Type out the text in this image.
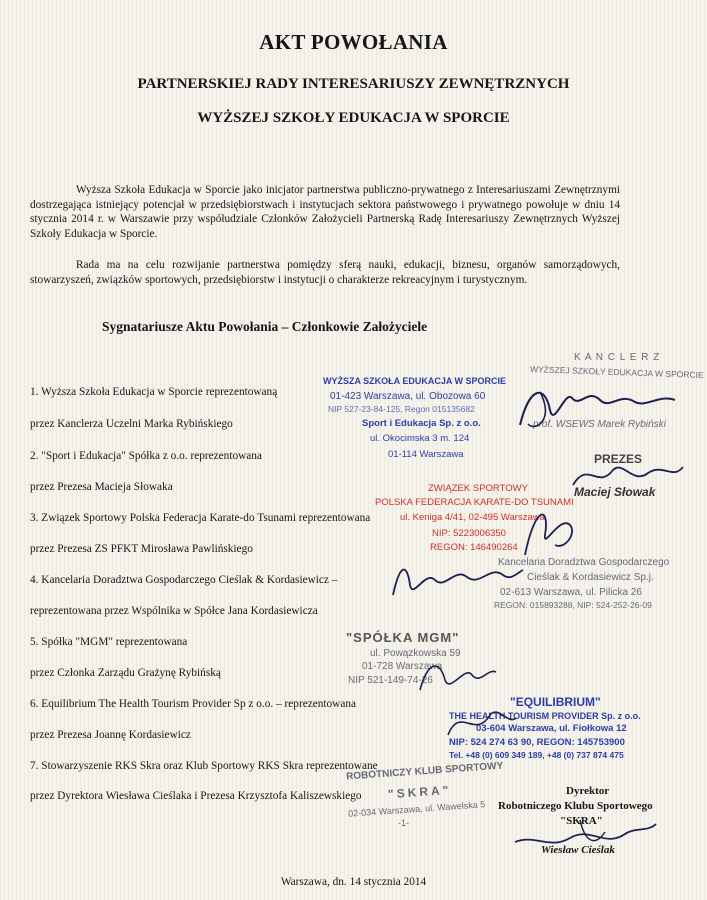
AKT POWOŁANIA
PARTNERSKIEJ RADY INTERESARIUSZY ZEWNĘTRZNYCH
WYŻSZEJ SZKOŁY EDUKACJA W SPORCIE

Wyższa Szkoła Edukacja w Sporcie jako inicjator partnerstwa publiczno-prywatnego z Interesariuszami Zewnętrznymi dostrzegająca istniejący potencjał w przedsiębiorstwach i instytucjach sektora państwowego i prywatnego powołuje w dniu 14 stycznia 2014 r. w Warszawie przy współudziale Członków Założycieli Partnerską Radę Interesariuszy Zewnętrznych Wyższej Szkoły Edukacja w Sporcie.

Rada ma na celu rozwijanie partnerstwa pomiędzy sferą nauki, edukacji, biznesu, organów samorządowych, stowarzyszeń, związków sportowych, przedsiębiorstw i instytucji o charakterze rekreacyjnym i turystycznym.

Sygnatariusze Aktu Powołania – Członkowie Założyciele
1. Wyższa Szkoła Edukacja w Sporcie reprezentowaną
przez Kanclerza Uczelni Marka Rybińskiego
2. "Sport i Edukacja" Spółka z o.o. reprezentowana
przez Prezesa Macieja Słowaka
3. Związek Sportowy Polska Federacja Karate-do Tsunami reprezentowana
przez Prezesa ZS PFKT Mirosława Pawlińskiego
4. Kancelaria Doradztwa Gospodarczego Cieślak & Kordasiewicz –
reprezentowana przez Wspólnika w Spółce Jana Kordasiewicza
5. Spółka "MGM" reprezentowana
przez Członka Zarządu Grażynę Rybińską
6. Equilibrium The Health Tourism Provider Sp z o.o. – reprezentowana
przez Prezesa Joannę Kordasiewicz
7. Stowarzyszenie RKS Skra oraz Klub Sportowy RKS Skra reprezentowane
przez Dyrektora Wiesława Cieślaka i Prezesa Krzysztofa Kaliszewskiego
K A N C L E R Z
WYŻSZEJ SZKOŁY EDUKACJA W SPORCIE
prof. WSEWS Marek Rybiński
WYŻSZA SZKOŁA EDUKACJA W SPORCIE
01-423 Warszawa, ul. Obozowa 60
NIP 527-23-84-125, Regon 015135682
Sport i Edukacja Sp. z o.o.
ul. Okocimska 3 m. 124
01-114 Warszawa	PREZES
Maciej Słowak
ZWIĄZEK SPORTOWY
POLSKA FEDERACJA KARATE-DO TSUNAMI
ul. Keniga 4/41, 02-495 Warszawa
NIP: 5223006350
REGON: 146490264
Kancelaria Doradztwa Gospodarczego
Cieślak & Kordasiewicz Sp.j.
02-613 Warszawa, ul. Pilicka 26
REGON: 015893288, NIP: 524-252-26-09
"SPÓŁKA MGM"
ul. Powązkowska 59
01-728 Warszawa
NIP 521-149-74-26
"EQUILIBRIUM"
THE HEALTH TOURISM PROVIDER Sp. z o.o.
03-604 Warszawa, ul. Fiołkowa 12
NIP: 524 274 63 90, REGON: 145753900
Tel. +48 (0) 609 349 189, +48 (0) 737 874 475
ROBOTNICZY KLUB SPORTOWY
"SKRA"
02-034 Warszawa, ul. Wawelska 5
-1-
Dyrektor
Robotniczego Klubu Sportowego
"SKRA"
Wiesław Cieślak
Warszawa, dn. 14 stycznia 2014
